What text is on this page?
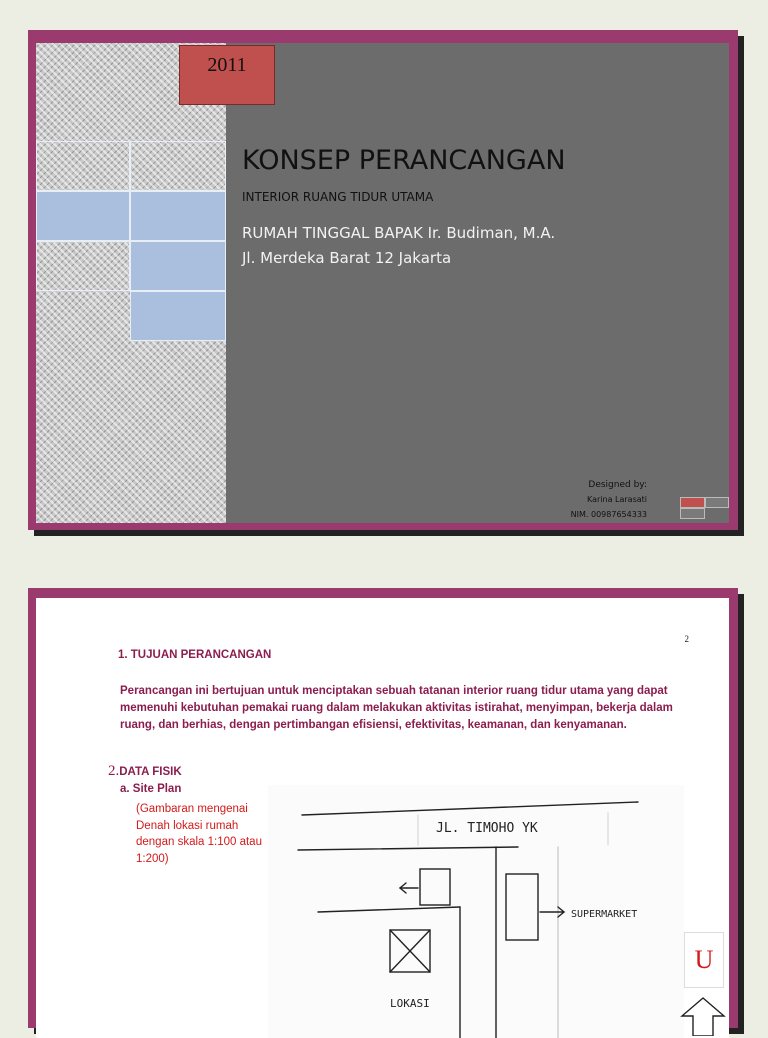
2011
KONSEP PERANCANGAN
INTERIOR RUANG TIDUR UTAMA
RUMAH TINGGAL BAPAK Ir. Budiman, M.A.
Jl. Merdeka Barat 12 Jakarta
Designed by:
Karina Larasati
NIM. 00987654333
2
1. TUJUAN PERANCANGAN
Perancangan ini bertujuan untuk menciptakan sebuah tatanan interior ruang tidur utama yang dapat memenuhi kebutuhan pemakai ruang dalam melakukan aktivitas istirahat, menyimpan, bekerja dalam ruang, dan berhias, dengan pertimbangan efisiensi, efektivitas, keamanan, dan kenyamanan.
2.DATA FISIK
a. Site Plan
(Gambaran mengenai Denah lokasi rumah dengan skala 1:100 atau 1:200)
JL. TIMOHO YK
SUPERMARKET
LOKASI
U
